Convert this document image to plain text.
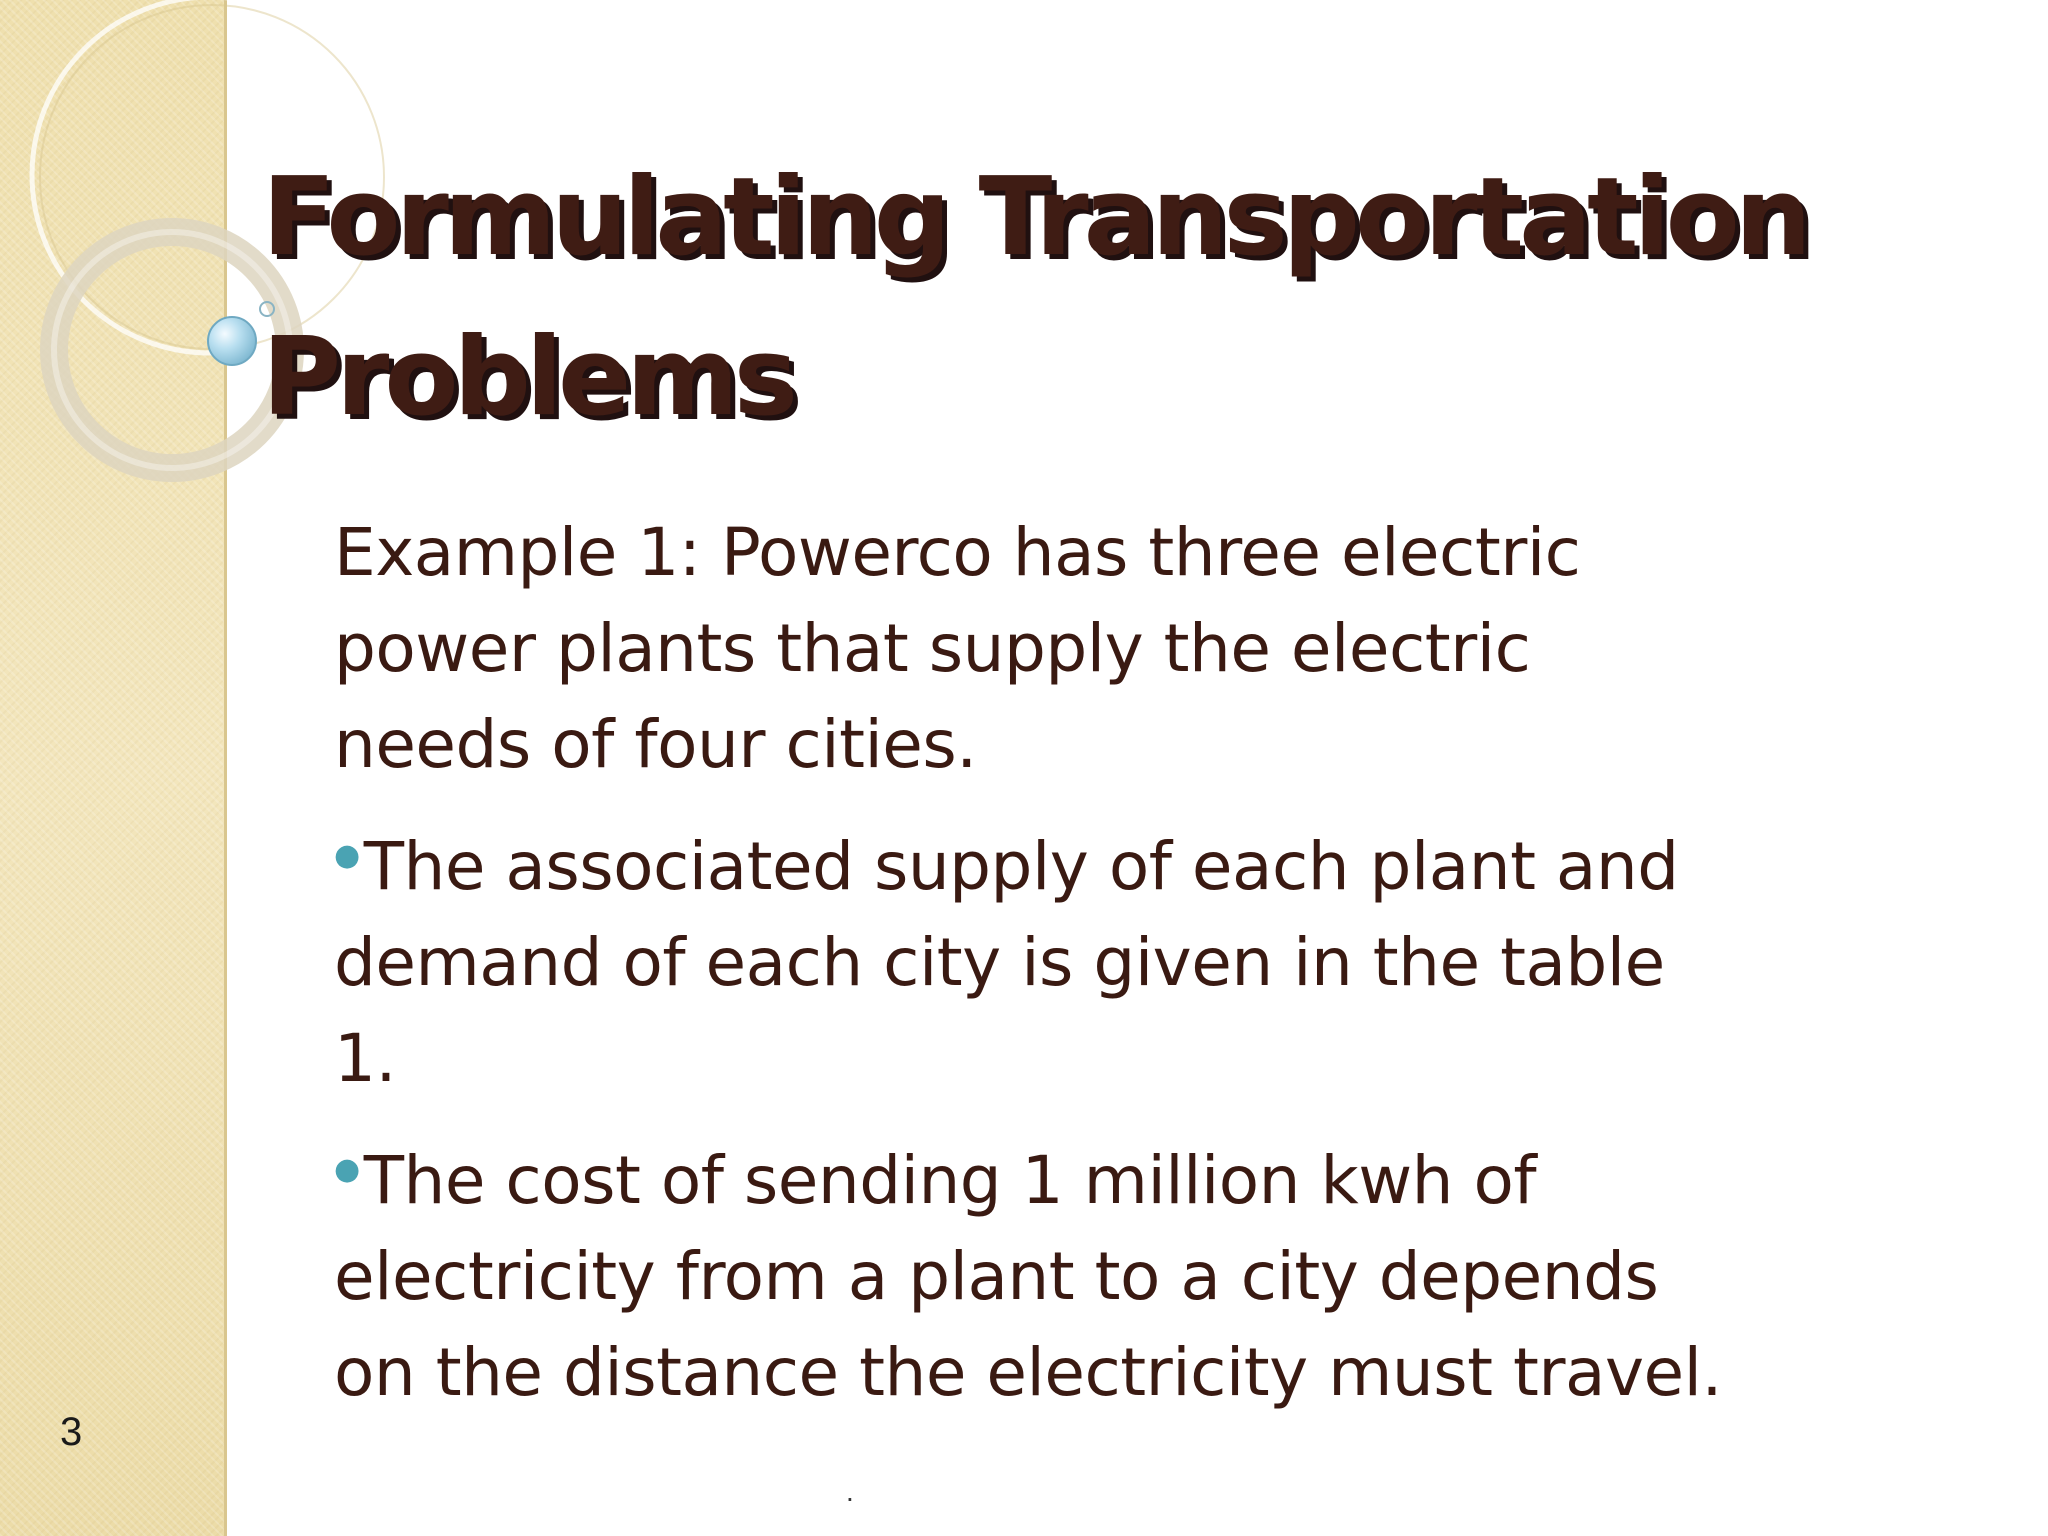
Formulating Transportation Problems

Example 1: Powerco has three electric power plants that supply the electric needs of four cities.

●The associated supply of each plant and demand of each city is given in the table 1.

●The cost of sending 1 million kwh of electricity from a plant to a city depends on the distance the electricity must travel.

3
.
